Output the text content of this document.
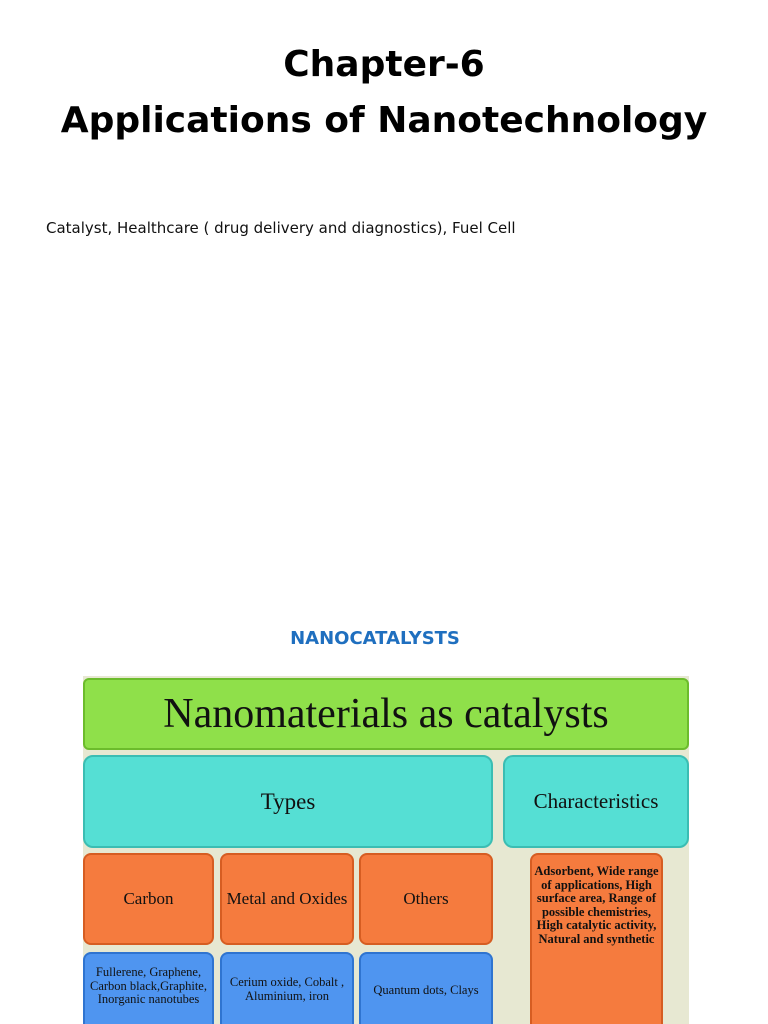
Chapter-6
Applications of Nanotechnology
Catalyst, Healthcare ( drug delivery and diagnostics), Fuel Cell
NANOCATALYSTS
Nanomaterials as catalysts
Types	Characteristics
Carbon	Metal and Oxides	Others
Adsorbent, Wide range of applications, High surface area, Range of possible chemistries, High catalytic activity, Natural and synthetic
Fullerene, Graphene, Carbon black,Graphite, Inorganic nanotubes
Cerium oxide, Cobalt , Aluminium, iron	Quantum dots, Clays
